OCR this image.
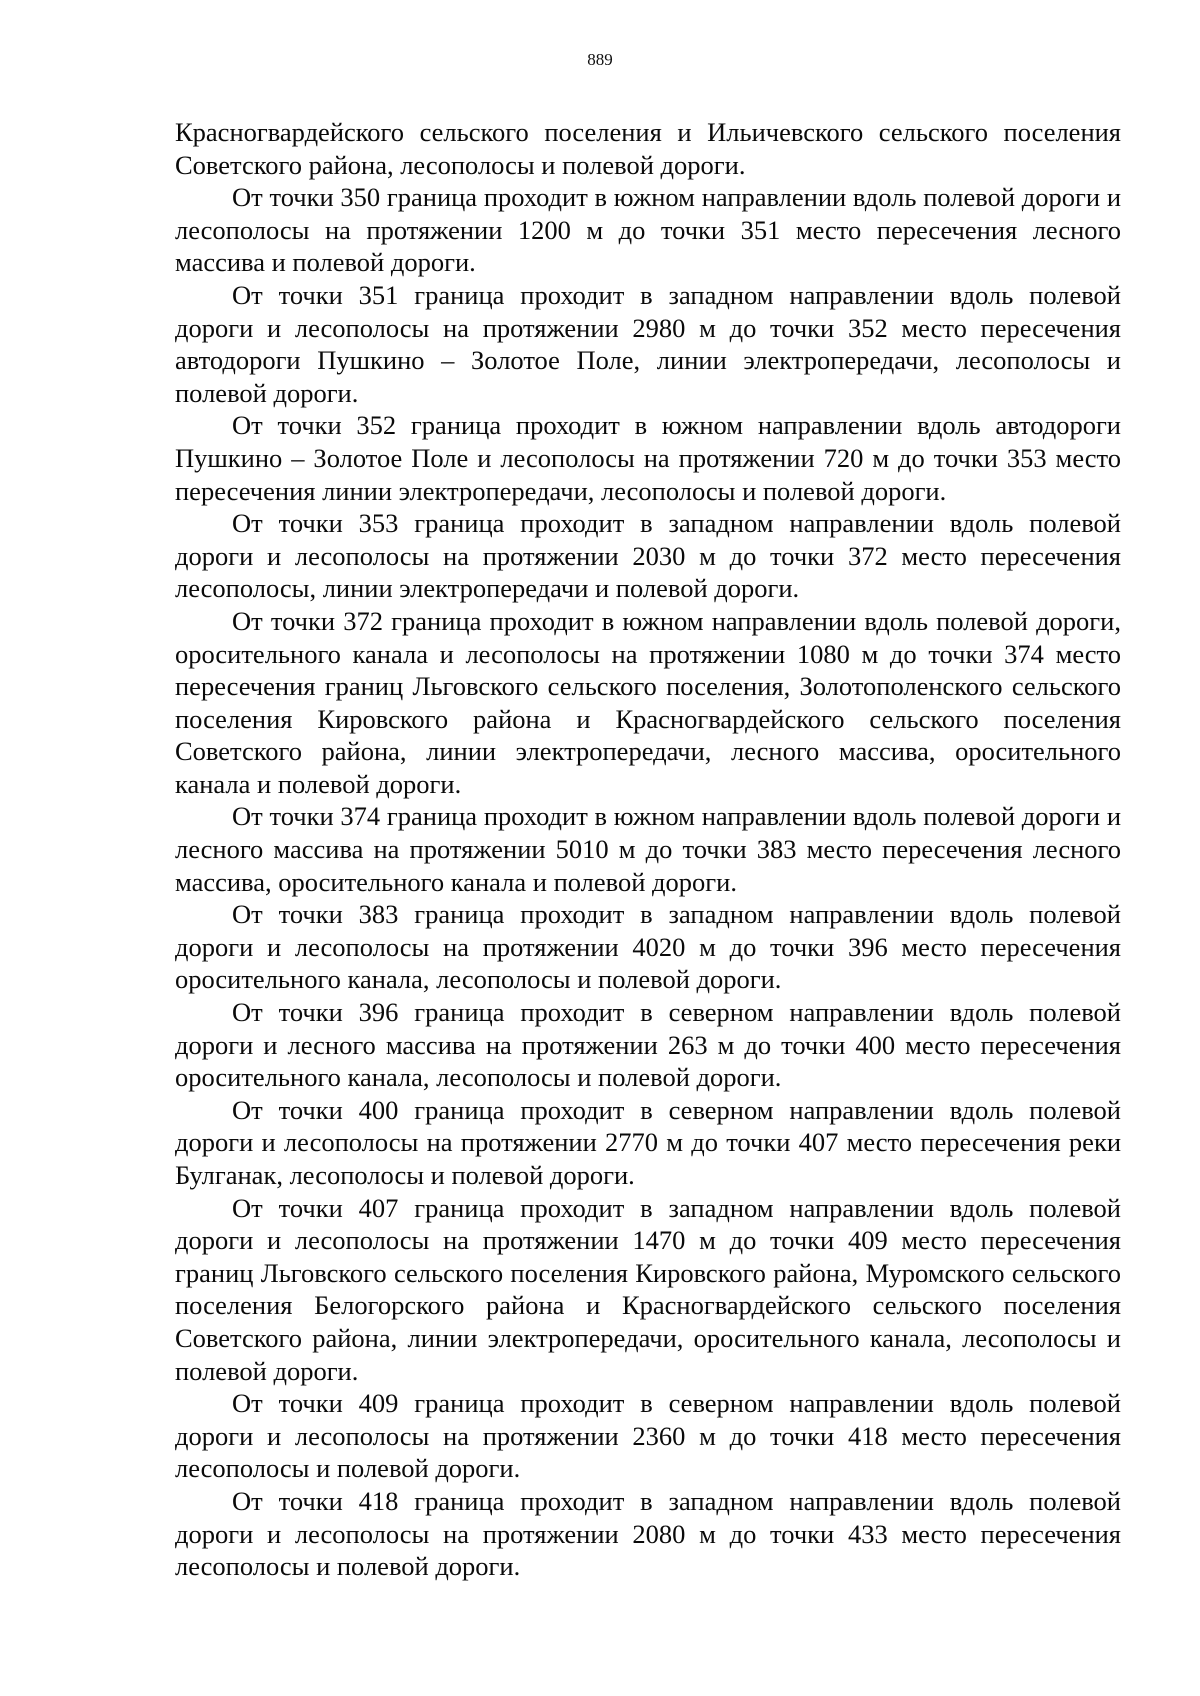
889

Красногвардейского сельского поселения и Ильичевского сельского поселения Советского района, лесополосы и полевой дороги.

От точки 350 граница проходит в южном направлении вдоль полевой дороги и лесополосы на протяжении 1200 м до точки 351 место пересечения лесного массива и полевой дороги.

От точки 351 граница проходит в западном направлении вдоль полевой дороги и лесополосы на протяжении 2980 м до точки 352 место пересечения автодороги Пушкино – Золотое Поле, линии электропередачи, лесополосы и полевой дороги.

От точки 352 граница проходит в южном направлении вдоль автодороги Пушкино – Золотое Поле и лесополосы на протяжении 720 м до точки 353 место пересечения линии электропередачи, лесополосы и полевой дороги.

От точки 353 граница проходит в западном направлении вдоль полевой дороги и лесополосы на протяжении 2030 м до точки 372 место пересечения лесополосы, линии электропередачи и полевой дороги.

От точки 372 граница проходит в южном направлении вдоль полевой дороги, оросительного канала и лесополосы на протяжении 1080 м до точки 374 место пересечения границ Льговского сельского поселения, Золотополенского сельского поселения Кировского района и Красногвардейского сельского поселения Советского района, линии электропередачи, лесного массива, оросительного канала и полевой дороги.

От точки 374 граница проходит в южном направлении вдоль полевой дороги и лесного массива на протяжении 5010 м до точки 383 место пересечения лесного массива, оросительного канала и полевой дороги.

От точки 383 граница проходит в западном направлении вдоль полевой дороги и лесополосы на протяжении 4020 м до точки 396 место пересечения оросительного канала, лесополосы и полевой дороги.

От точки 396 граница проходит в северном направлении вдоль полевой дороги и лесного массива на протяжении 263 м до точки 400 место пересечения оросительного канала, лесополосы и полевой дороги.

От точки 400 граница проходит в северном направлении вдоль полевой дороги и лесополосы на протяжении 2770 м до точки 407 место пересечения реки Булганак, лесополосы и полевой дороги.

От точки 407 граница проходит в западном направлении вдоль полевой дороги и лесополосы на протяжении 1470 м до точки 409 место пересечения границ Льговского сельского поселения Кировского района, Муромского сельского поселения Белогорского района и Красногвардейского сельского поселения Советского района, линии электропередачи, оросительного канала, лесополосы и полевой дороги.

От точки 409 граница проходит в северном направлении вдоль полевой дороги и лесополосы на протяжении 2360 м до точки 418 место пересечения лесополосы и полевой дороги.

От точки 418 граница проходит в западном направлении вдоль полевой дороги и лесополосы на протяжении 2080 м до точки 433 место пересечения лесополосы и полевой дороги.
